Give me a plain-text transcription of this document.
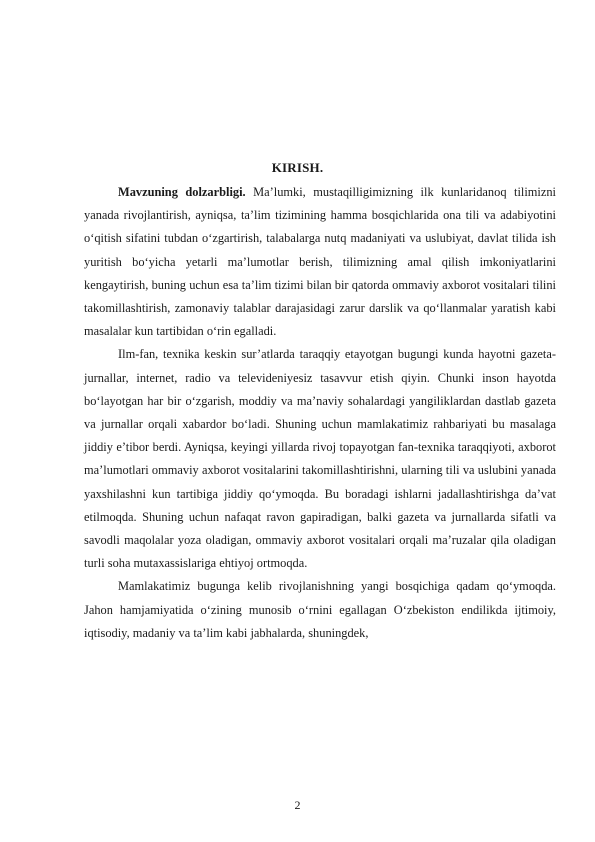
KIRISH.

Mavzuning dolzarbligi. Ma’lumki, mustaqilligimizning ilk kunlaridanoq tilimizni yanada rivojlantirish, ayniqsa, ta’lim tizimining hamma bosqichlarida ona tili va adabiyotini o‘qitish sifatini tubdan o‘zgartirish, talabalarga nutq madaniyati va uslubiyat, davlat tilida ish yuritish bo‘yicha yetarli ma’lumotlar berish, tilimizning amal qilish imkoniyatlarini kengaytirish, buning uchun esa ta’lim tizimi bilan bir qatorda ommaviy axborot vositalari tilini takomillashtirish, zamonaviy talablar darajasidagi zarur darslik va qo‘llanmalar yaratish kabi masalalar kun tartibidan o‘rin egalladi.

Ilm-fan, texnika keskin sur’atlarda taraqqiy etayotgan bugungi kunda hayotni gazeta-jurnallar, internet, radio va televideniyesiz tasavvur etish qiyin. Chunki inson hayotda bo‘layotgan har bir o‘zgarish, moddiy va ma’naviy sohalardagi yangiliklardan dastlab gazeta va jurnallar orqali xabardor bo‘ladi. Shuning uchun mamlakatimiz rahbariyati bu masalaga jiddiy e’tibor berdi. Ayniqsa, keyingi yillarda rivoj topayotgan fan-texnika taraqqiyoti, axborot ma’lumotlari ommaviy axborot vositalarini takomillashtirishni, ularning tili va uslubini yanada yaxshilashni kun tartibiga jiddiy qo‘ymoqda. Bu boradagi ishlarni jadallashtirishga da’vat etilmoqda. Shuning uchun nafaqat ravon gapiradigan, balki gazeta va jurnallarda sifatli va savodli maqolalar yoza oladigan, ommaviy axborot vositalari orqali ma’ruzalar qila oladigan turli soha mutaxassislariga ehtiyoj ortmoqda.

Mamlakatimiz bugunga kelib rivojlanishning yangi bosqichiga qadam qo‘ymoqda. Jahon hamjamiyatida o‘zining munosib o‘rnini egallagan O‘zbekiston endilikda ijtimoiy, iqtisodiy, madaniy va ta’lim kabi jabhalarda, shuningdek,

2
